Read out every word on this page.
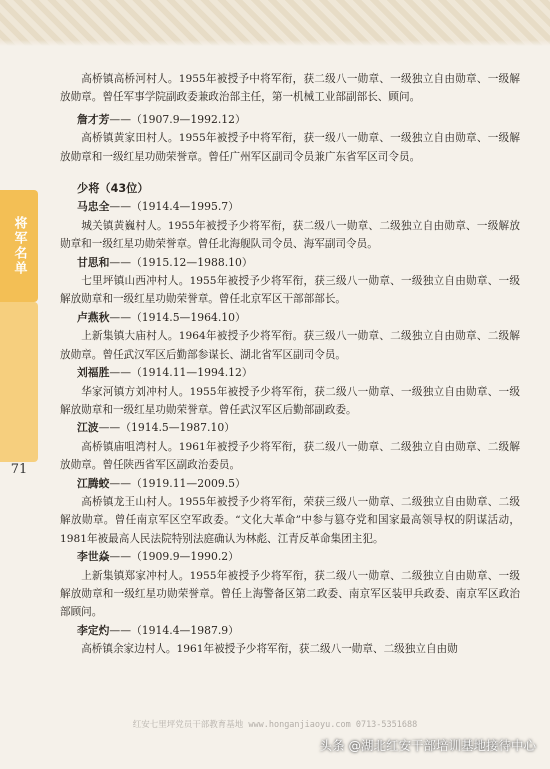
将军名单
71

高桥镇高桥河村人。1955年被授予中将军衔，获二级八一勋章、一级独立自由勋章、一级解放勋章。曾任军事学院副政委兼政治部主任，第一机械工业部副部长、顾问。

詹才芳——（1907.9—1992.12）

高桥镇黄家田村人。1955年被授予中将军衔，获一级八一勋章、一级独立自由勋章、一级解放勋章和一级红星功勋荣誉章。曾任广州军区副司令员兼广东省军区司令员。

少将（43位）

马忠全——（1914.4—1995.7）

城关镇黄巍村人。1955年被授予少将军衔，获二级八一勋章、二级独立自由勋章、一级解放勋章和一级红星功勋荣誉章。曾任北海舰队司令员、海军副司令员。

甘思和——（1915.12—1988.10）

七里坪镇山西冲村人。1955年被授予少将军衔，获三级八一勋章、一级独立自由勋章、一级解放勋章和一级红星功勋荣誉章。曾任北京军区干部部部长。

卢燕秋——（1914.5—1964.10）

上新集镇大庙村人。1964年被授予少将军衔。获三级八一勋章、二级独立自由勋章、二级解放勋章。曾任武汉军区后勤部参谋长、湖北省军区副司令员。

刘福胜——（1914.11—1994.12）

华家河镇方刘冲村人。1955年被授予少将军衔，获二级八一勋章、一级独立自由勋章、一级解放勋章和一级红星功勋荣誉章。曾任武汉军区后勤部副政委。

江波——（1914.5—1987.10）

高桥镇庙咀湾村人。1961年被授予少将军衔，获二级八一勋章、二级独立自由勋章、二级解放勋章。曾任陕西省军区副政治委员。

江腾蛟——（1919.11—2009.5）

高桥镇龙王山村人。1955年被授予少将军衔，荣获三级八一勋章、二级独立自由勋章、二级解放勋章。曾任南京军区空军政委。“文化大革命”中参与篡夺党和国家最高领导权的阴谋活动，1981年被最高人民法院特别法庭确认为林彪、江青反革命集团主犯。

李世焱——（1909.9—1990.2）

上新集镇郑家冲村人。1955年被授予少将军衔，获二级八一勋章、二级独立自由勋章、一级解放勋章和一级红星功勋荣誉章。曾任上海警备区第二政委、南京军区装甲兵政委、南京军区政治部顾问。

李定灼——（1914.4—1987.9）

高桥镇余家边村人。1961年被授予少将军衔，获二级八一勋章、二级独立自由勋

红安七里坪党员干部教育基地 www.honganjiaoyu.com 0713-5351688
头条 @湖北红安干部培训基地接待中心
